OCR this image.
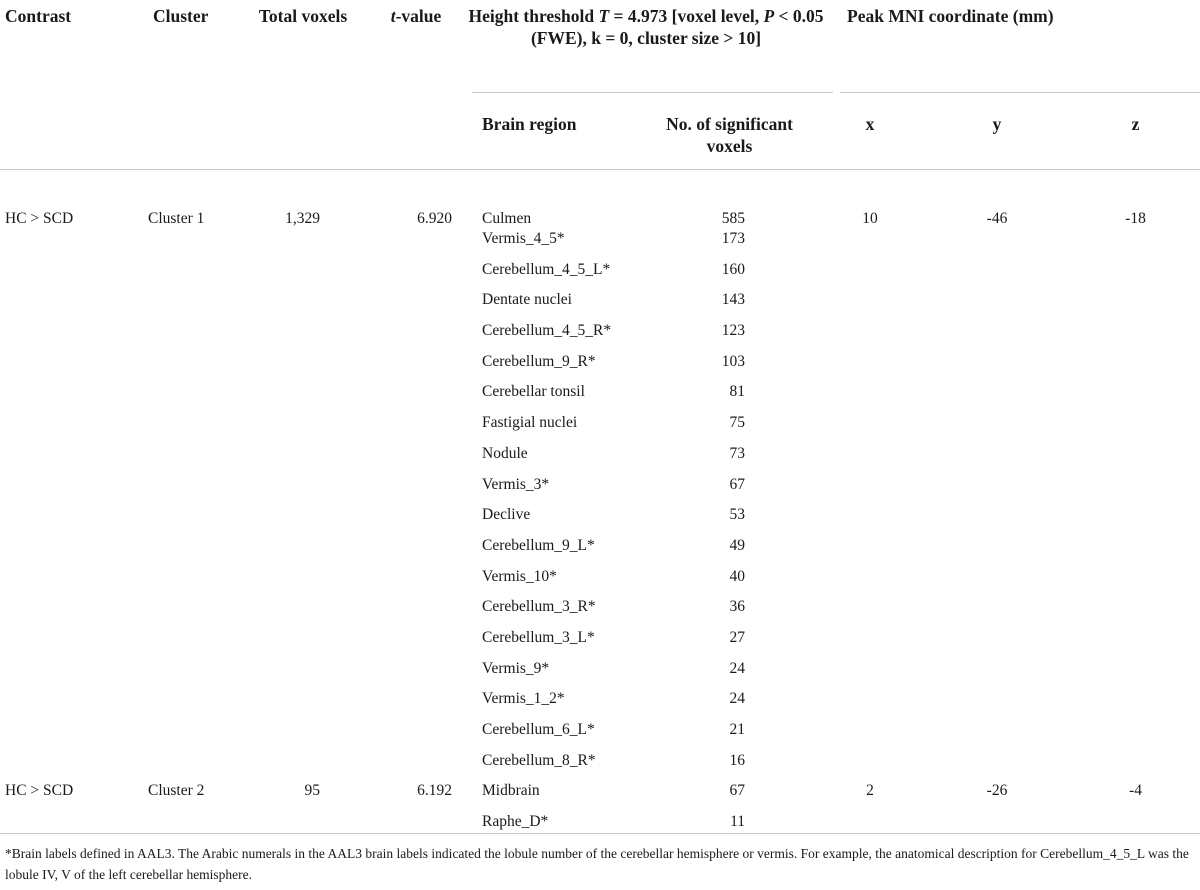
Contrast	Cluster	Total voxels	t-value	Height threshold T = 4.973 [voxel level, P < 0.05 (FWE), k = 0, cluster size > 10]		Peak MNI coordinate (mm)		
				Brain region	No. of significant voxels	x	y	z
HC > SCD	Cluster 1	1,329	6.920	Culmen	585	10	-46	-18
				Vermis_4_5*	173			
				Cerebellum_4_5_L*	160			
				Dentate nuclei	143			
				Cerebellum_4_5_R*	123			
				Cerebellum_9_R*	103			
				Cerebellar tonsil	81			
				Fastigial nuclei	75			
				Nodule	73			
				Vermis_3*	67			
				Declive	53			
				Cerebellum_9_L*	49			
				Vermis_10*	40			
				Cerebellum_3_R*	36			
				Cerebellum_3_L*	27			
				Vermis_9*	24			
				Vermis_1_2*	24			
				Cerebellum_6_L*	21			
				Cerebellum_8_R*	16			
HC > SCD	Cluster 2	95	6.192	Midbrain	67	2	-26	-4
				Raphe_D*	11			
*Brain labels defined in AAL3. The Arabic numerals in the AAL3 brain labels indicated the lobule number of the cerebellar hemisphere or vermis. For example, the anatomical description for Cerebellum_4_5_L was the lobule IV, V of the left cerebellar hemisphere.
